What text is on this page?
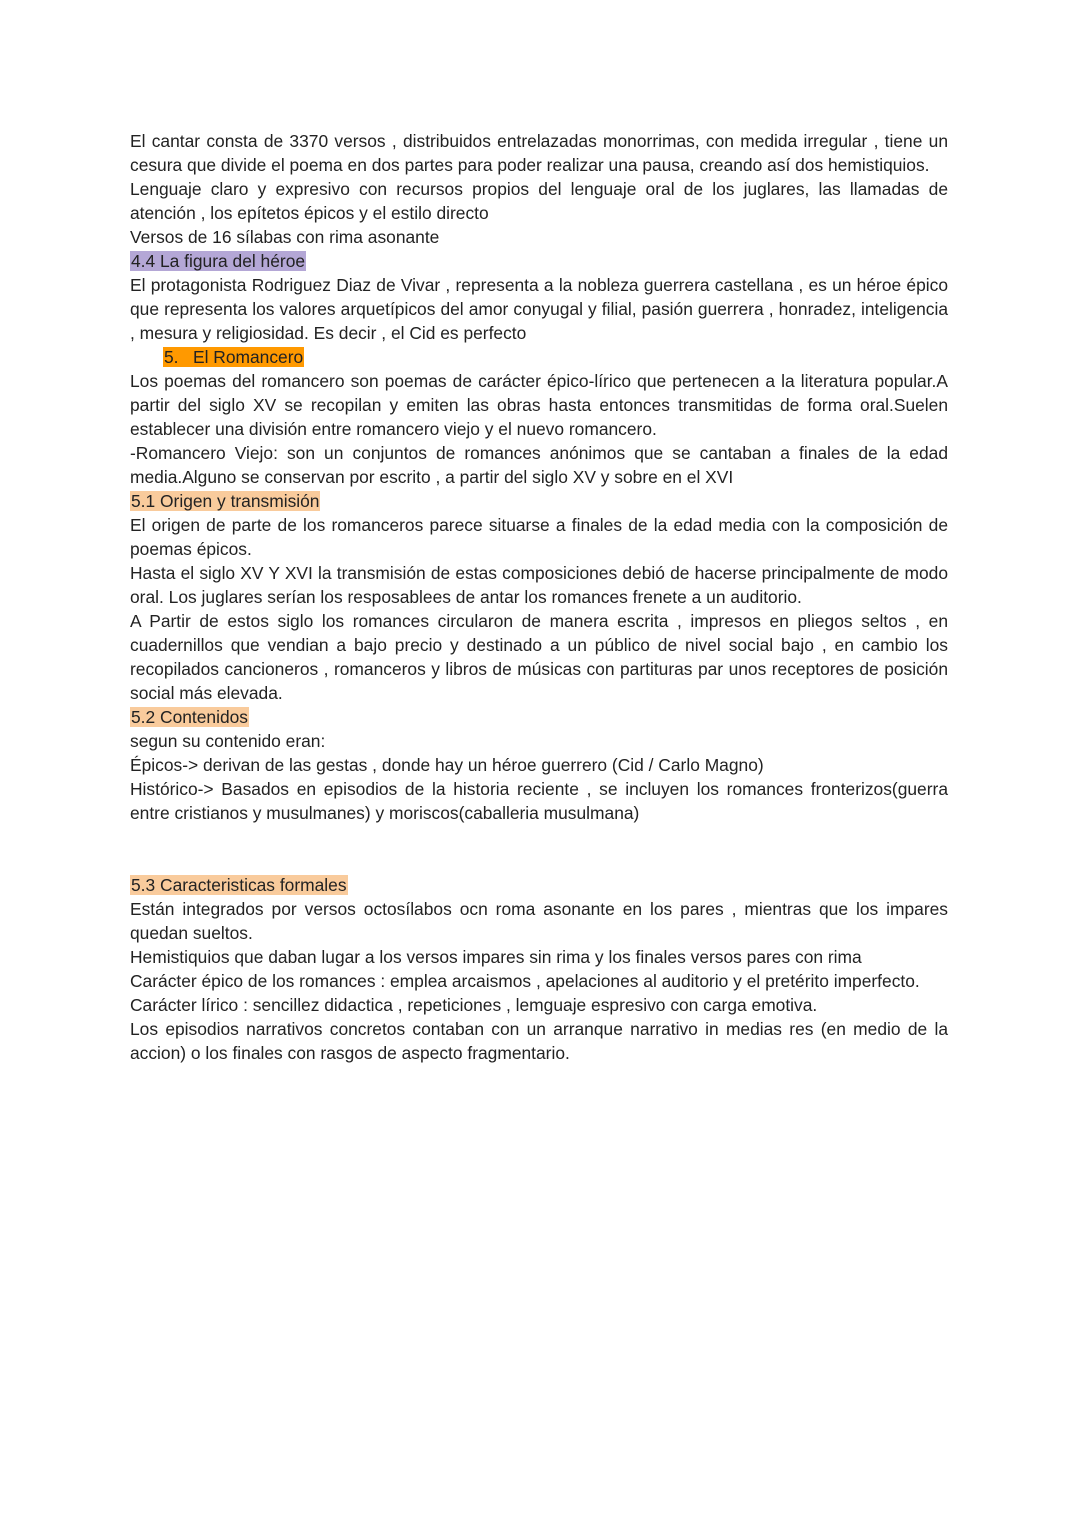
El cantar consta de 3370 versos , distribuidos entrelazadas monorrimas, con medida irregular , tiene un cesura que divide el poema en dos partes para poder realizar una pausa, creando así dos hemistiquios.

Lenguaje claro y expresivo con recursos propios del lenguaje oral de los juglares, las llamadas de atención , los epítetos épicos y el estilo directo

Versos de 16 sílabas con rima asonante

4.4 La figura del héroe

El protagonista Rodriguez Diaz de Vivar , representa a la nobleza guerrera castellana , es un héroe épico que representa los valores arquetípicos del amor conyugal y filial, pasión guerrera , honradez, inteligencia , mesura y religiosidad. Es decir , el Cid es perfecto

5.   El Romancero

Los poemas del romancero son poemas de carácter épico-lírico que pertenecen a la literatura popular.A partir del siglo XV se recopilan y emiten las obras hasta entonces transmitidas de forma oral.Suelen establecer una división entre romancero viejo y el nuevo romancero.

-Romancero Viejo: son un conjuntos de romances anónimos que se cantaban a finales de la edad media.Alguno se conservan por escrito , a partir del siglo XV y sobre en el XVI

5.1 Origen y transmisión

El origen de parte de los romanceros parece situarse a finales de la edad media con la composición de poemas épicos.

Hasta el siglo XV Y XVI la transmisión de estas composiciones debió de hacerse principalmente de modo oral. Los juglares serían los resposablees de antar los romances frenete a un auditorio.

A Partir de estos siglo los romances circularon de manera escrita , impresos en pliegos seltos , en cuadernillos que vendian a bajo precio y destinado a un público de nivel social bajo , en cambio los recopilados cancioneros , romanceros y libros de músicas con partituras par unos receptores de posición social más elevada.

5.2 Contenidos

segun su contenido eran:

Épicos-> derivan de las gestas , donde hay un héroe guerrero (Cid / Carlo Magno)

Histórico-> Basados en episodios de la historia reciente , se incluyen los romances fronterizos(guerra entre cristianos y musulmanes) y moriscos(caballeria musulmana)

5.3 Caracteristicas formales

Están integrados por versos octosílabos ocn roma asonante en los pares , mientras que los impares quedan sueltos.

Hemistiquios que daban lugar a los versos impares sin rima y los finales versos pares con rima

Carácter épico de los romances : emplea arcaismos , apelaciones al auditorio y el pretérito imperfecto.

Carácter lírico : sencillez didactica , repeticiones , lemguaje espresivo con carga emotiva.

Los episodios narrativos concretos contaban con un arranque narrativo in medias res (en medio de la accion) o los finales con rasgos de aspecto fragmentario.
